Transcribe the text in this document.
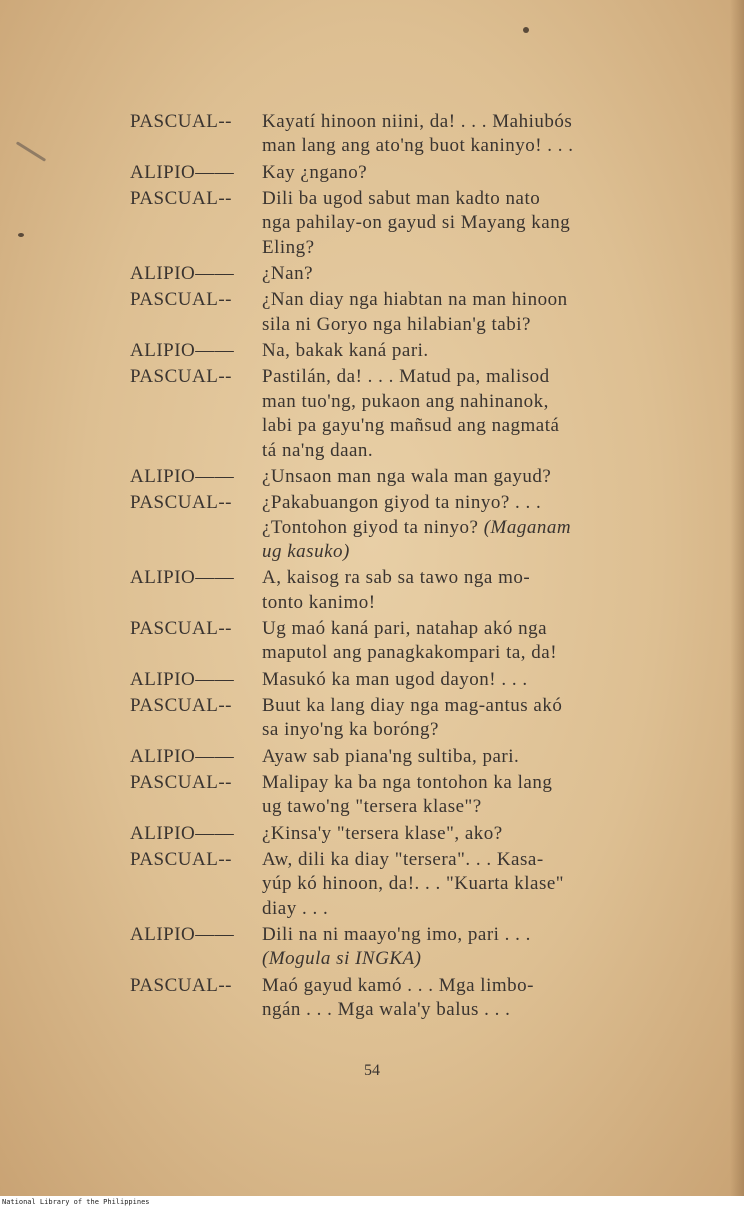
PASCUAL-- Kayatí hinoon niini, da! . . . Mahiubós
man lang ang ato'ng buot kaninyo! . . .
ALIPIO—— Kay ¿ngano?
PASCUAL-- Dili ba ugod sabut man kadto nato
nga pahilay-on gayud si Mayang kang
Eling?
ALIPIO—— ¿Nan?
PASCUAL-- ¿Nan diay nga hiabtan na man hinoon
sila ni Goryo nga hilabian'g tabi?
ALIPIO—— Na, bakak kaná pari.
PASCUAL-- Pastilán, da! . . . Matud pa, malisod
man tuo'ng, pukaon ang nahinanok,
labi pa gayu'ng mañsud ang nagmatá
tá na'ng daan.
ALIPIO—— ¿Unsaon man nga wala man gayud?
PASCUAL-- ¿Pakabuangon giyod ta ninyo? . . .
¿Tontohon giyod ta ninyo? (Maganam
ug kasuko)
ALIPIO—— A, kaisog ra sab sa tawo nga mo-
tonto kanimo!
PASCUAL-- Ug maó kaná pari, natahap akó nga
maputol ang panagkakompari ta, da!
ALIPIO—— Masukó ka man ugod dayon! . . .
PASCUAL-- Buut ka lang diay nga mag-antus akó
sa inyo'ng ka boróng?
ALIPIO—— Ayaw sab piana'ng sultiba, pari.
PASCUAL-- Malipay ka ba nga tontohon ka lang
ug tawo'ng "tersera klase"?
ALIPIO—— ¿Kinsa'y "tersera klase", ako?
PASCUAL-- Aw, dili ka diay "tersera". . . Kasa-
yúp kó hinoon, da!. . . "Kuarta klase"
diay . . .
ALIPIO—— Dili na ni maayo'ng imo, pari . . .
(Mogula si INGKA)
PASCUAL-- Maó gayud kamó . . . Mga limbo-
ngán . . . Mga wala'y balus . . .
54
National Library of the Philippines
